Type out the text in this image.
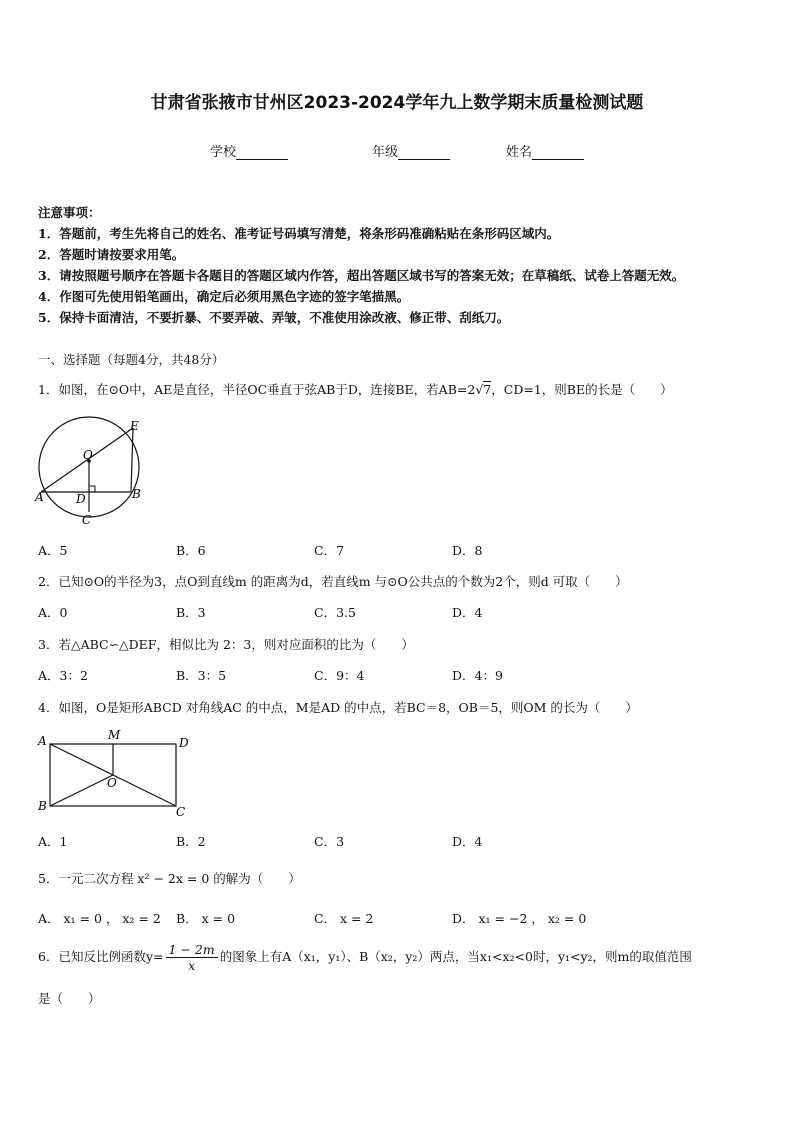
甘肃省张掖市甘州区2023-2024学年九上数学期末质量检测试题
学校	年级	姓名
注意事项：
1．答题前，考生先将自己的姓名、准考证号码填写清楚，将条形码准确粘贴在条形码区域内。
2．答题时请按要求用笔。
3．请按照题号顺序在答题卡各题目的答题区域内作答，超出答题区域书写的答案无效；在草稿纸、试卷上答题无效。
4．作图可先使用铅笔画出，确定后必须用黑色字迹的签字笔描黑。
5．保持卡面清洁，不要折暴、不要弄破、弄皱，不准使用涂改液、修正带、刮纸刀。
一、选择题（每题4分，共48分）
1．如图，在⊙O中，AE是直径，半径OC垂直于弦AB于D，连接BE，若AB=2√7，CD=1，则BE的长是（　　）
O
E
A	D	B
C
A．5	B．6	C．7	D．8
2．已知⊙O的半径为3，点O到直线m 的距离为d，若直线m 与⊙O公共点的个数为2个，则d 可取（　　）
A．0	B．3	C．3.5	D．4
3．若△ABC∽△DEF，相似比为 2：3，则对应面积的比为（　　）
A．3：2	B．3：5	C．9：4	D．4：9
4．如图，O是矩形ABCD 对角线AC 的中点，M是AD 的中点，若BC＝8，OB＝5，则OM 的长为（　　）
A	M
D
O
B	C
A．1	B．2	C．3	D．4
5．一元二次方程 x² − 2x = 0 的解为（　　）
A． x₁ = 0 ， x₂ = 2 B． x = 0	C． x = 2	D． x₁ = −2 ， x₂ = 0
6．已知反比例函数$y= \frac{1 - 2m}{x}$ 的图象上有A（x₁，y₁）、B（x₂，y₂）两点，当x₁<x₂<0时，y₁<y₂，则m的取值范围
是（　　）
